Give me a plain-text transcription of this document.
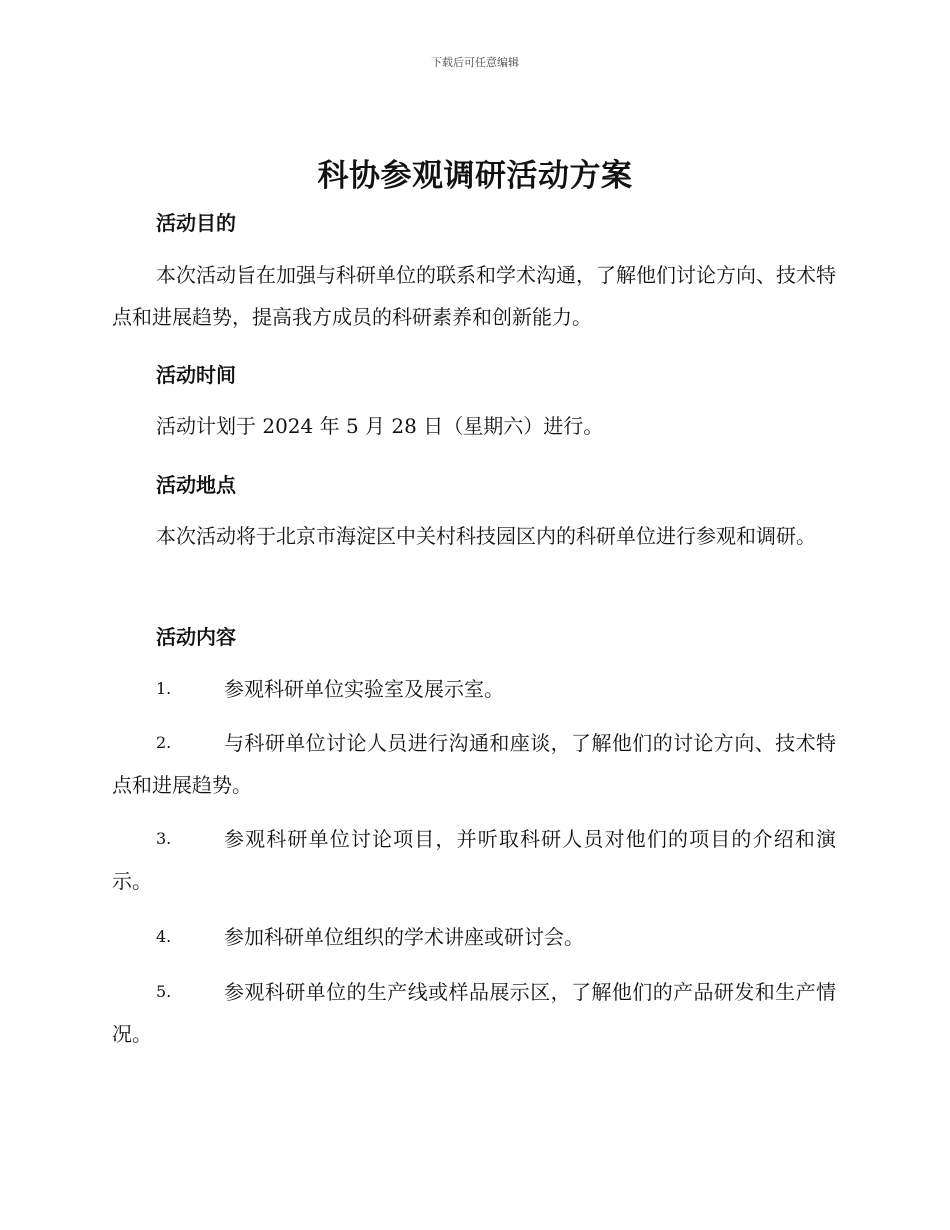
下载后可任意编辑
科协参观调研活动方案
活动目的
本次活动旨在加强与科研单位的联系和学术沟通，了解他们讨论方向、技术特点和进展趋势，提高我方成员的科研素养和创新能力。
活动时间
活动计划于 2024 年 5 月 28 日（星期六）进行。
活动地点
本次活动将于北京市海淀区中关村科技园区内的科研单位进行参观和调研。
活动内容
1.	参观科研单位实验室及展示室。
2.	与科研单位讨论人员进行沟通和座谈，了解他们的讨论方向、技术特点和进展趋势。
3.	参观科研单位讨论项目，并听取科研人员对他们的项目的介绍和演示。
4.	参加科研单位组织的学术讲座或研讨会。
5.	参观科研单位的生产线或样品展示区，了解他们的产品研发和生产情况。
